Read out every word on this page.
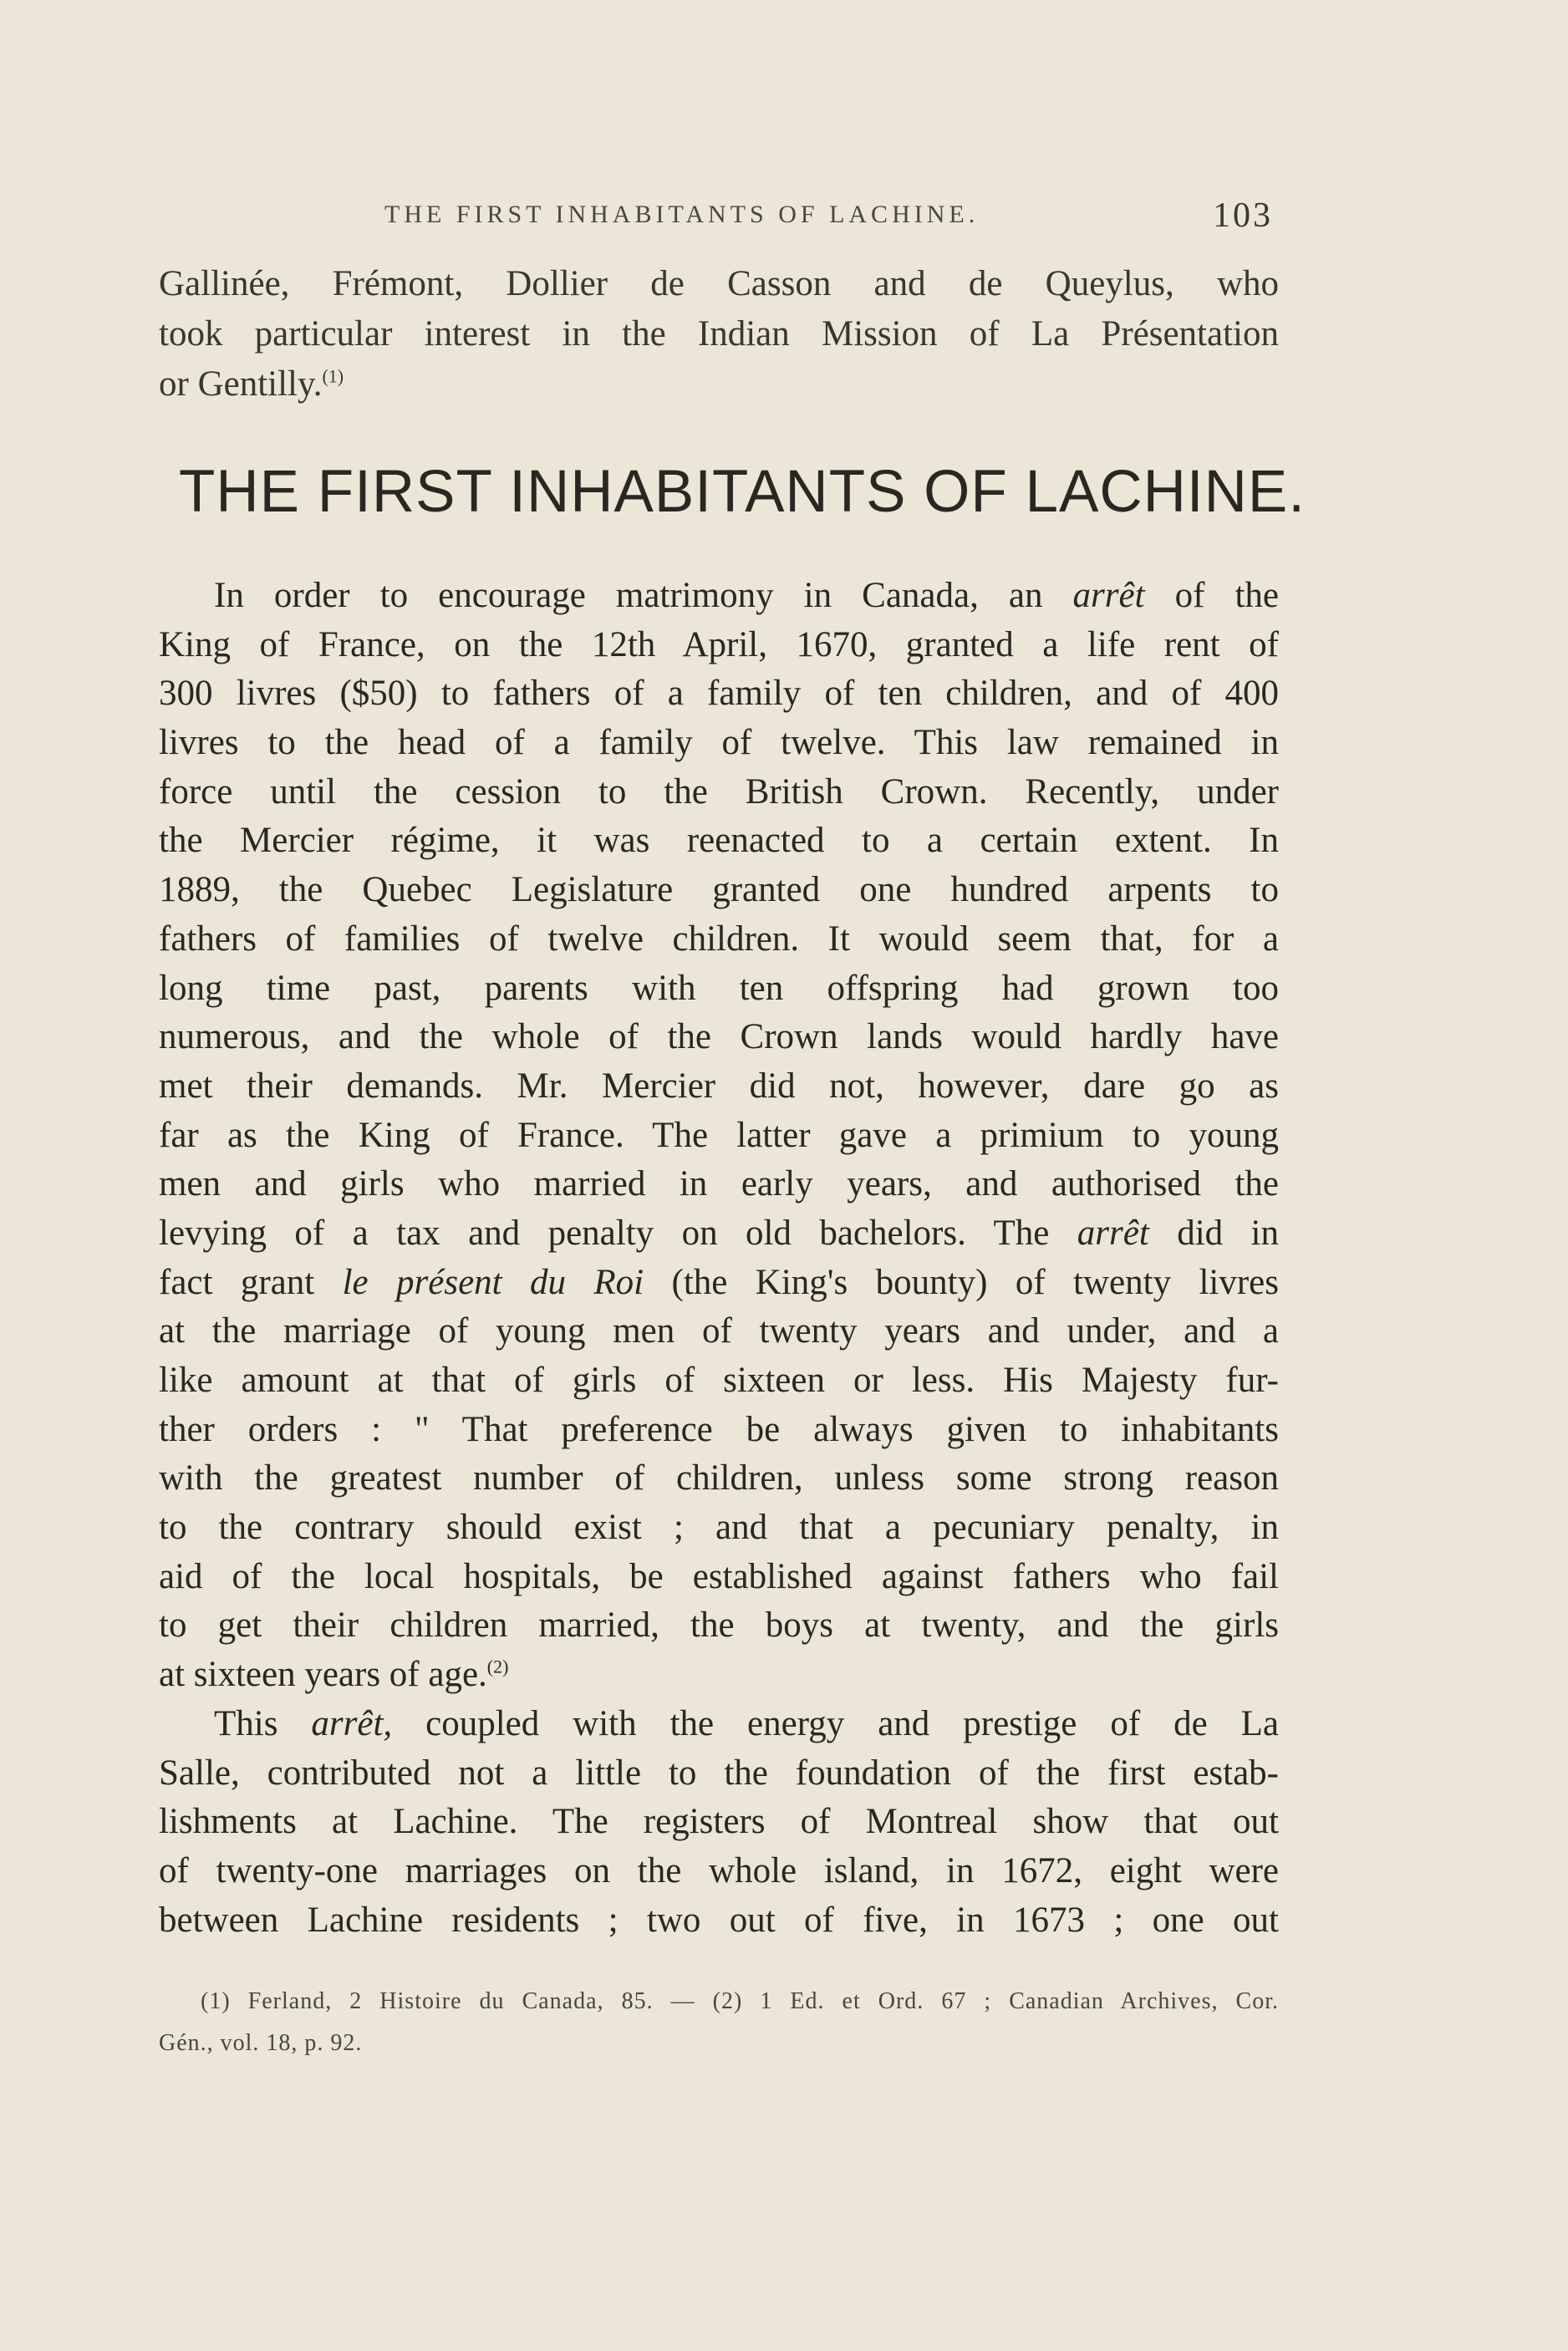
THE FIRST INHABITANTS OF LACHINE.	103
Gallinée, Frémont, Dollier de Casson and de Queylus, who
took particular interest in the Indian Mission of La Présentation
or Gentilly.$^{(1)}$
THE FIRST INHABITANTS OF LACHINE.
In order to encourage matrimony in Canada, an arrêt of the
King of France, on the 12th April, 1670, granted a life rent of
300 livres ($50) to fathers of a family of ten children, and of 400
livres to the head of a family of twelve. This law remained in
force until the cession to the British Crown. Recently, under
the Mercier régime, it was reenacted to a certain extent. In
1889, the Quebec Legislature granted one hundred arpents to
fathers of families of twelve children. It would seem that, for a
long time past, parents with ten offspring had grown too
numerous, and the whole of the Crown lands would hardly have
met their demands. Mr. Mercier did not, however, dare go as
far as the King of France. The latter gave a primium to young
men and girls who married in early years, and authorised the
levying of a tax and penalty on old bachelors. The arrêt did in
fact grant le présent du Roi (the King's bounty) of twenty livres
at the marriage of young men of twenty years and under, and a
like amount at that of girls of sixteen or less. His Majesty fur-
ther orders : " That preference be always given to inhabitants
with the greatest number of children, unless some strong reason
to the contrary should exist ; and that a pecuniary penalty, in
aid of the local hospitals, be established against fathers who fail
to get their children married, the boys at twenty, and the girls
at sixteen years of age.$^{(2)}$
This arrêt, coupled with the energy and prestige of de La
Salle, contributed not a little to the foundation of the first estab-
lishments at Lachine. The registers of Montreal show that out
of twenty-one marriages on the whole island, in 1672, eight were
between Lachine residents ; two out of five, in 1673 ; one out
(1) Ferland, 2 Histoire du Canada, 85. — (2) 1 Ed. et Ord. 67 ; Canadian Archives, Cor.
Gén., vol. 18, p. 92.
